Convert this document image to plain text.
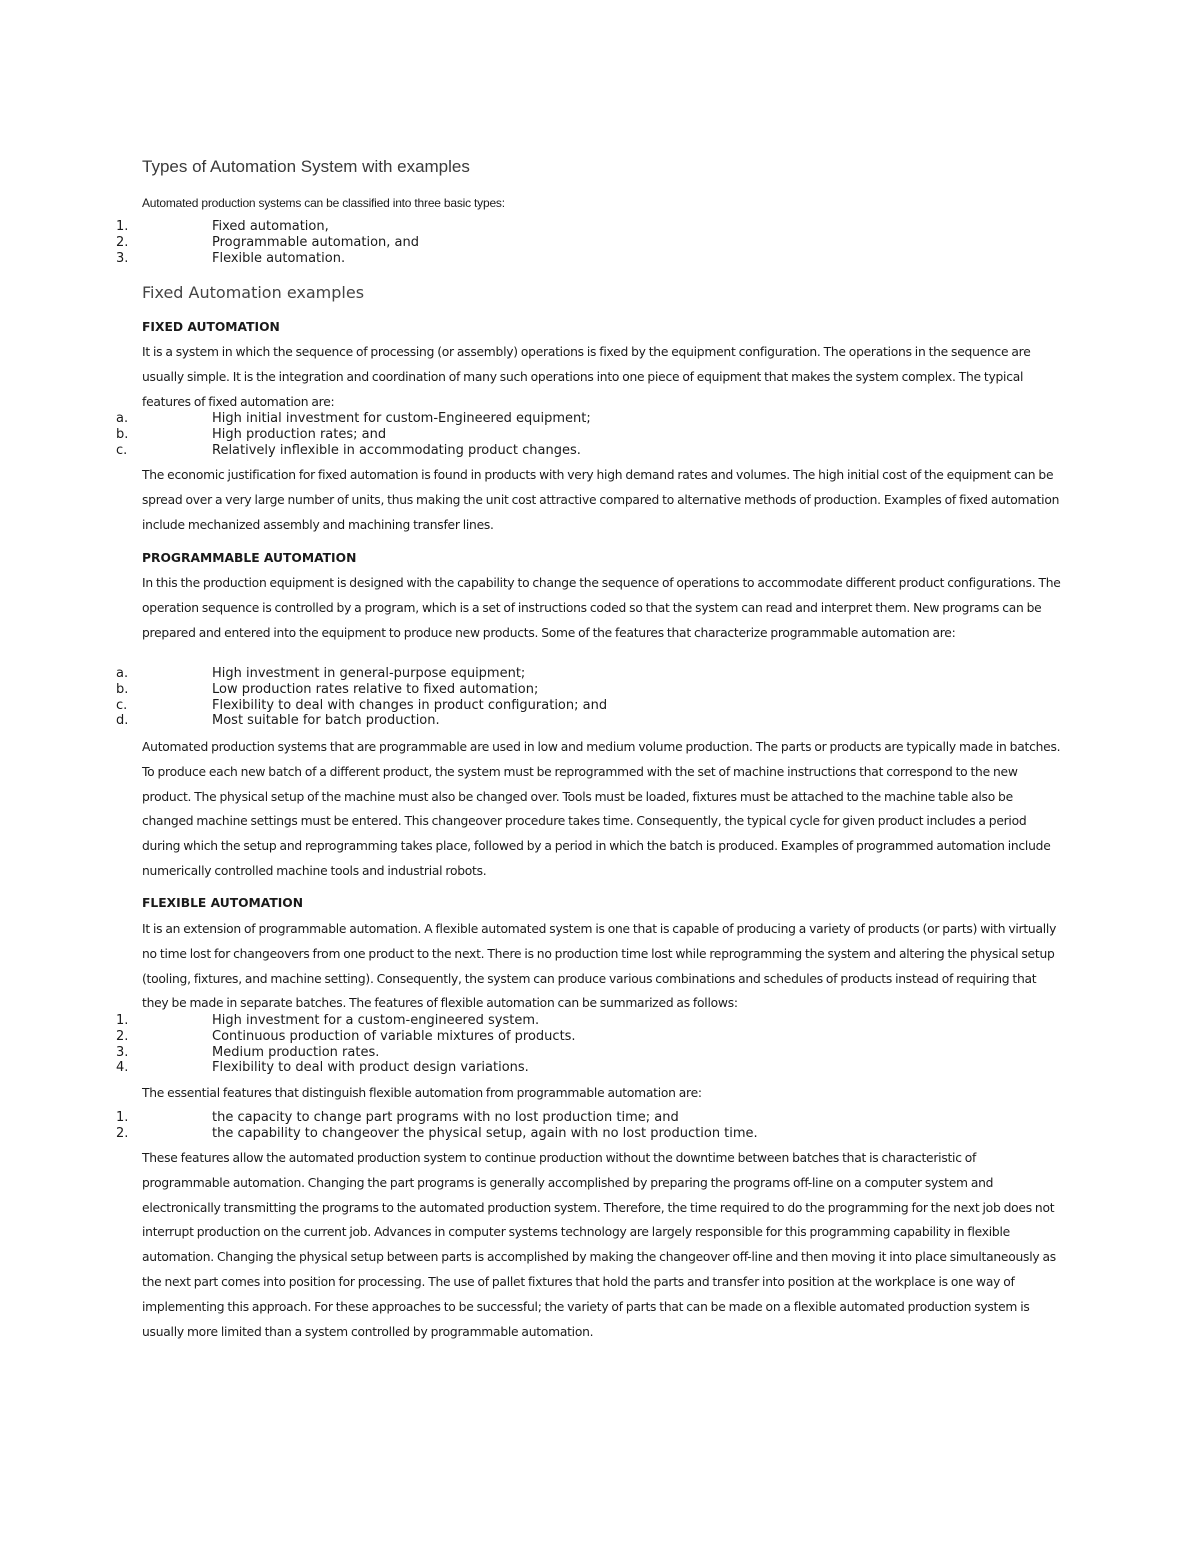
Types of Automation System with examples

Automated production systems can be classified into three basic types:

1.	Fixed automation,
2.	Programmable automation, and
3.	Flexible automation.
Fixed Automation examples
FIXED AUTOMATION

It is a system in which the sequence of processing (or assembly) operations is fixed by the equipment configuration. The operations in the sequence are usually simple. It is the integration and coordination of many such operations into one piece of equipment that makes the system complex. The typical features of fixed automation are:

a.	High initial investment for custom-Engineered equipment;
b.	High production rates; and
c.	Relatively inflexible in accommodating product changes.

The economic justification for fixed automation is found in products with very high demand rates and volumes. The high initial cost of the equipment can be spread over a very large number of units, thus making the unit cost attractive compared to alternative methods of production. Examples of fixed automation include mechanized assembly and machining transfer lines.

PROGRAMMABLE AUTOMATION

In this the production equipment is designed with the capability to change the sequence of operations to accommodate different product configurations. The operation sequence is controlled by a program, which is a set of instructions coded so that the system can read and interpret them. New programs can be prepared and entered into the equipment to produce new products. Some of the features that characterize programmable automation are:

a.	High investment in general-purpose equipment;
b.	Low production rates relative to fixed automation;
c.	Flexibility to deal with changes in product configuration; and
d.	Most suitable for batch production.

Automated production systems that are programmable are used in low and medium volume production. The parts or products are typically made in batches. To produce each new batch of a different product, the system must be reprogrammed with the set of machine instructions that correspond to the new product. The physical setup of the machine must also be changed over. Tools must be loaded, fixtures must be attached to the machine table also be changed machine settings must be entered. This changeover procedure takes time. Consequently, the typical cycle for given product includes a period during which the setup and reprogramming takes place, followed by a period in which the batch is produced. Examples of programmed automation include numerically controlled machine tools and industrial robots.

FLEXIBLE AUTOMATION

It is an extension of programmable automation. A flexible automated system is one that is capable of producing a variety of products (or parts) with virtually no time lost for changeovers from one product to the next. There is no production time lost while reprogramming the system and altering the physical setup (tooling, fixtures, and machine setting). Consequently, the system can produce various combinations and schedules of products instead of requiring that they be made in separate batches. The features of flexible automation can be summarized as follows:

1.	High investment for a custom-engineered system.
2.	Continuous production of variable mixtures of products.
3.	Medium production rates.
4.	Flexibility to deal with product design variations.

The essential features that distinguish flexible automation from programmable automation are:

1.	the capacity to change part programs with no lost production time; and
2.	the capability to changeover the physical setup, again with no lost production time.

These features allow the automated production system to continue production without the downtime between batches that is characteristic of programmable automation. Changing the part programs is generally accomplished by preparing the programs off-line on a computer system and electronically transmitting the programs to the automated production system. Therefore, the time required to do the programming for the next job does not interrupt production on the current job. Advances in computer systems technology are largely responsible for this programming capability in flexible automation. Changing the physical setup between parts is accomplished by making the changeover off-line and then moving it into place simultaneously as the next part comes into position for processing. The use of pallet fixtures that hold the parts and transfer into position at the workplace is one way of implementing this approach. For these approaches to be successful; the variety of parts that can be made on a flexible automated production system is usually more limited than a system controlled by programmable automation.
